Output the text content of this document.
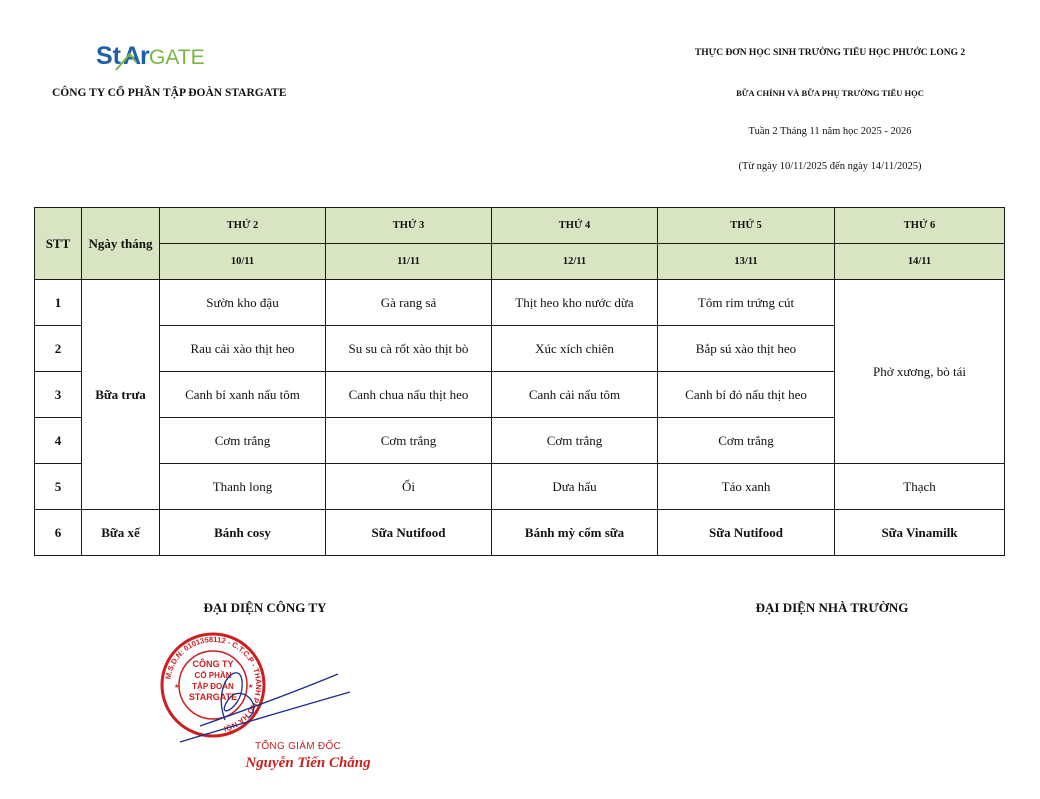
St A
r GATE
CÔNG TY CỔ PHẦN TẬP ĐOÀN STARGATE
THỰC ĐƠN HỌC SINH TRƯỜNG TIỂU HỌC PHƯỚC LONG 2
BỮA CHÍNH VÀ BỮA PHỤ TRƯỜNG TIỂU HỌC
Tuần 2 Tháng 11 năm học 2025 - 2026
(Từ ngày 10/11/2025 đến ngày 14/11/2025)
STT	Ngày tháng	THỨ 2	THỨ 3	THỨ 4	THỨ 5	THỨ 6
		10/11	11/11	12/11	13/11	14/11
1	Bữa trưa	Sườn kho đậu	Gà rang sả	Thịt heo kho nước dừa	Tôm rim trứng cút	Phở xương, bò tái
2		Rau cải xào thịt heo	Su su cà rốt xào thịt bò	Xúc xích chiên	Bắp sú xào thịt heo	
3		Canh bí xanh nấu tôm	Canh chua nấu thịt heo	Canh cải nấu tôm	Canh bí đỏ nấu thịt heo	
4		Cơm trắng	Cơm trắng	Cơm trắng	Cơm trắng	
5		Thanh long	Ổi	Dưa hấu	Táo xanh	Thạch
6	Bữa xế	Bánh cosy	Sữa Nutifood	Bánh mỳ cốm sữa	Sữa Nutifood	Sữa Vinamilk
ĐẠI DIỆN CÔNG TY	ĐẠI DIỆN NHÀ TRƯỜNG
M.S.D.N: 0101358112 - C.T.C.P - THÀNH PHỐ HÀ NỘI
CÔNG TY
CỔ PHẦN
TẬP ĐOÀN
STARGATE
★	★
TỔNG GIÁM ĐỐC
Nguyễn Tiến Chắng
